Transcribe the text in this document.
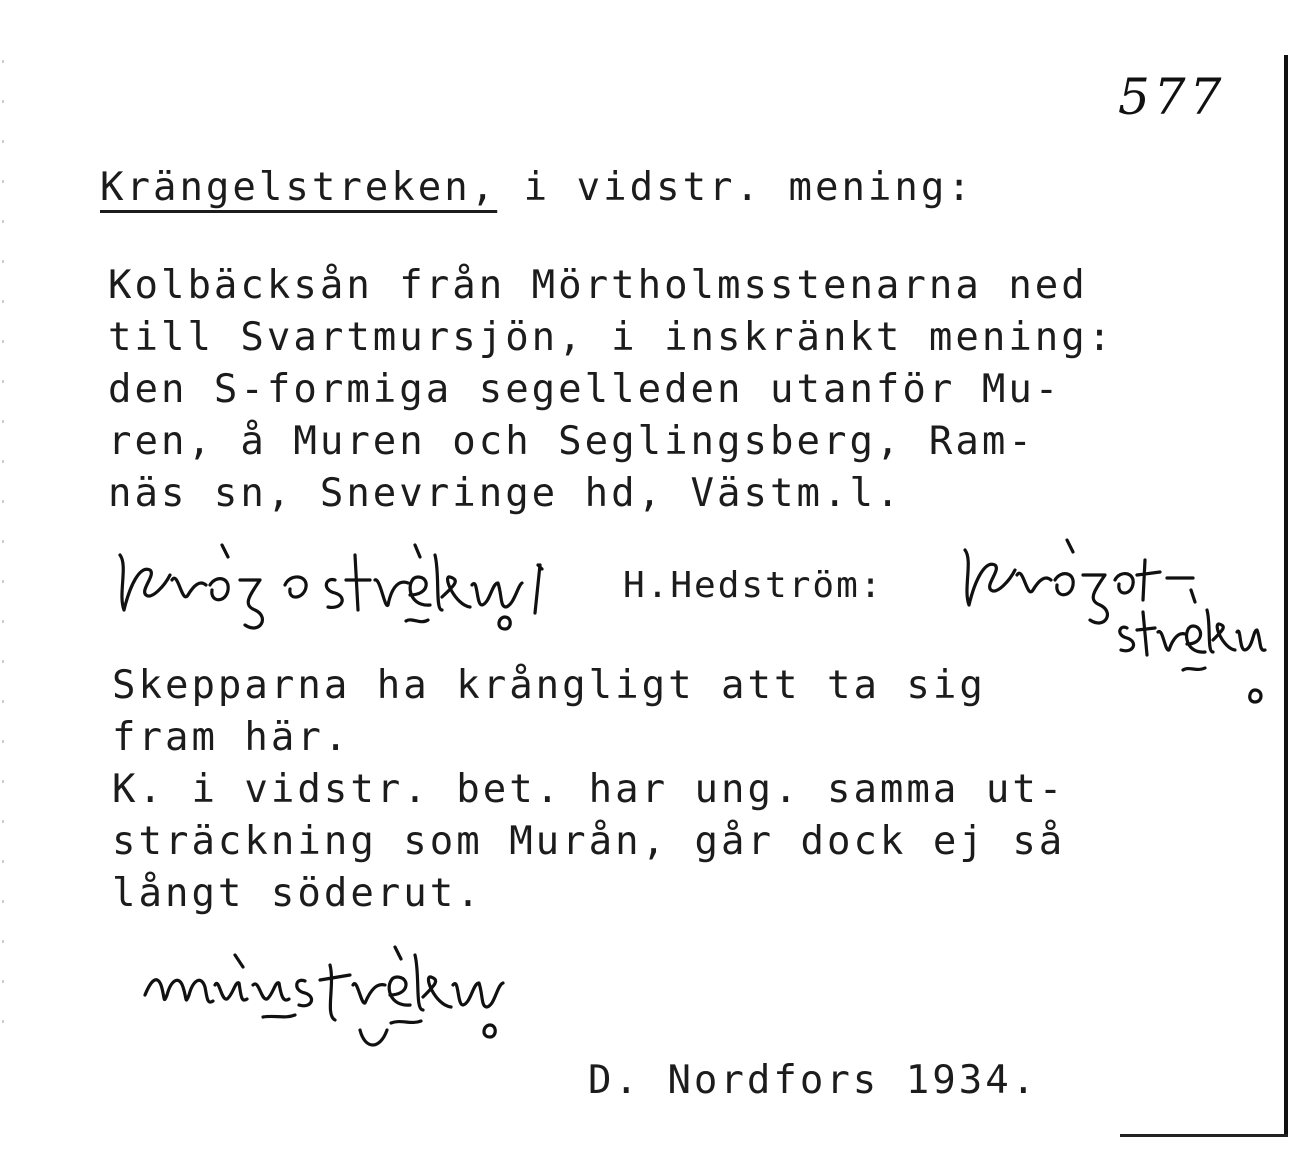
577
Krängelstreken, i vidstr. mening:
Kolbäcksån från Mörtholmsstenarna ned
till Svartmursjön, i inskränkt mening:
den S-formiga segelleden utanför Mu-
ren, å Muren och Seglingsberg, Ram-
näs sn, Snevringe hd, Västm.l.
H.Hedström:
Skepparna ha krångligt att ta sig
fram här.
K. i vidstr. bet. har ung. samma ut-
sträckning som Murån, går dock ej så
långt söderut.
D. Nordfors 1934.
